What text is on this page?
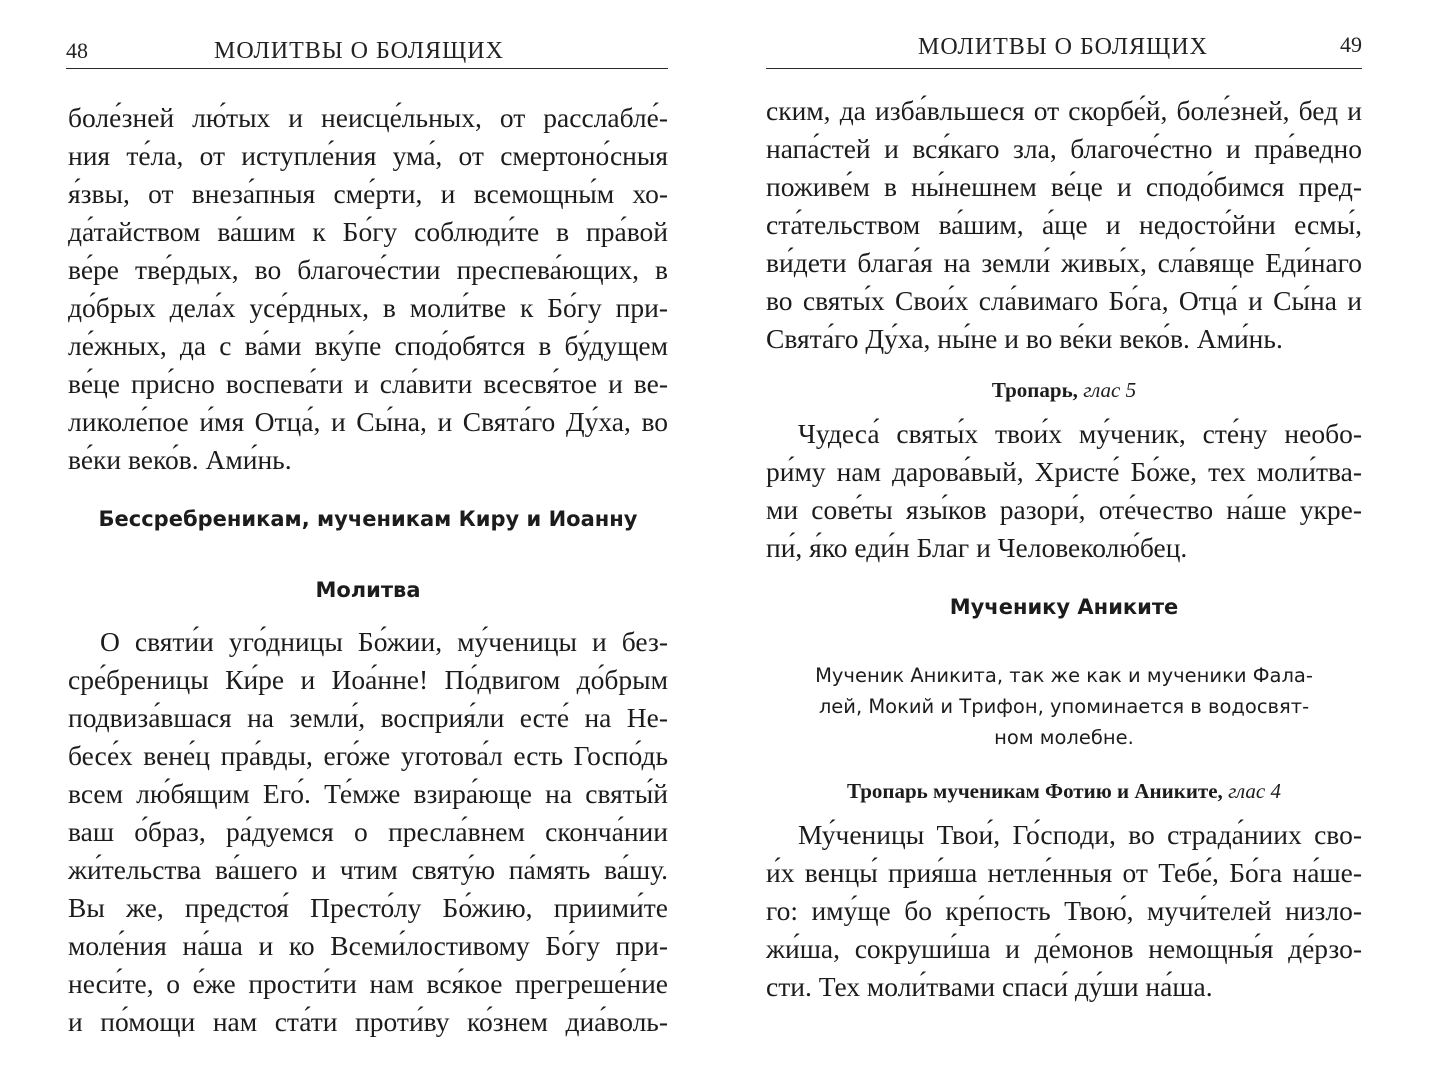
48	МОЛИТВЫ О БОЛЯЩИХ
боле́зней лю́тых и неисце́льных, от расслабле́-
ния те́ла, от иступле́ния ума́, от смертоно́сныя
я́звы, от внеза́пныя сме́рти, и всемощны́м хо-
да́тайством ва́шим к Бо́гу соблюди́те в пра́вой
ве́ре тве́рдых, во благоче́стии преспева́ющих, в
до́брых дела́х усе́рдных, в моли́тве к Бо́гу при-
ле́жных, да с ва́ми вку́пе спод́обятся в бу́дущем
ве́це при́сно воспева́ти и сла́вити всесвя́тое и ве-
ликоле́пое и́мя Отца́, и Сы́на, и Свята́го Ду́ха, во
ве́ки веко́в. Ами́нь.
Бессребреникам, мученикам Киру и Иоанну
Молитва
О святи́и уго́дницы Бо́жии, му́ченицы и без-
сре́бреницы Ки́ре и Иоа́нне! По́двигом до́брым
подвиза́вшася на земли́, восприя́ли есте́ на Не-
бесе́х вене́ц пра́вды, его́же уготова́л есть Госпо́дь
всем лю́бящим Его́. Те́мже взира́юще на святы́й
ваш о́браз, ра́дуемся о пресла́внем сконча́нии
жи́тельства ва́шего и чтим святу́ю па́мять ва́шу.
Вы же, предстоя́ Престо́лу Бо́жию, приими́те
моле́ния на́ша и ко Всеми́лостивому Бо́гу при-
неси́те, о е́же прости́ти нам вся́кое прегреше́ние
и по́мощи нам ста́ти проти́ву ко́знем диа́воль-
МОЛИТВЫ О БОЛЯЩИХ	49
ским, да изба́вльшеся от скорбе́й, боле́зней, бед и
напа́стей и вся́каго зла, благоче́стно и пра́ведно
поживе́м в ны́нешнем ве́це и сподо́бимся пред-
ста́тельством ва́шим, а́ще и недосто́йни есмы́,
ви́дети блага́я на земли́ живы́х, сла́вяще Еди́наго
во святы́х Свои́х сла́вимаго Бо́га, Отца́ и Сы́на и
Свята́го Ду́ха, ны́не и во ве́ки веко́в. Ами́нь.
Тропарь, глас 5
Чудеса́ святы́х твои́х му́ченик, сте́ну необо-
ри́му нам дарова́вый, Христе́ Бо́же, тех моли́тва-
ми сове́ты язы́ков разори́, оте́чество на́ше укре-
пи́, я́ко еди́н Благ и Человеколю́бец.
Мученику Аниките
Мученик Аникита, так же как и мученики Фала-
лей, Мокий и Трифон, упоминается в водосвят-
ном молебне.
Тропарь мученикам Фотию и Аниките, глас 4
Му́ченицы Твои́, Го́споди, во страда́ниих сво-
и́х венцы́ прия́ша нетле́нныя от Тебе́, Бо́га на́ше-
го: иму́ще бо кре́пость Твою́, мучи́телей низло-
жи́ша, сокруши́ша и де́монов немощны́я де́рзо-
сти. Тех моли́твами спаси́ ду́ши на́ша.
